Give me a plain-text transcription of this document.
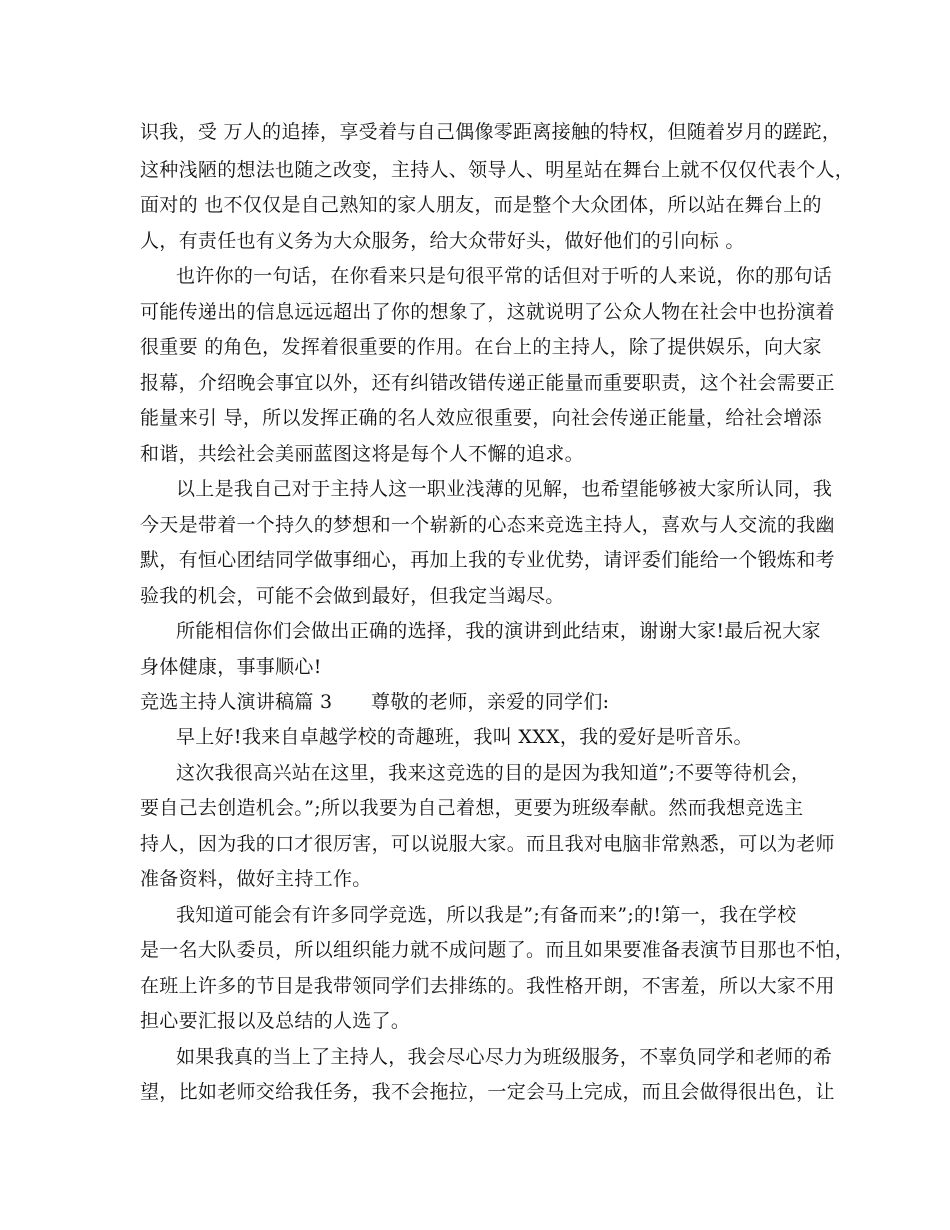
识我，受 万人的追捧，享受着与自己偶像零距离接触的特权，但随着岁月的蹉跎，
这种浅陋的想法也随之改变，主持人、领导人、明星站在舞台上就不仅仅代表个人，
面对的 也不仅仅是自己熟知的家人朋友，而是整个大众团体，所以站在舞台上的
人，有责任也有义务为大众服务，给大众带好头，做好他们的引向标 。
也许你的一句话，在你看来只是句很平常的话但对于听的人来说，你的那句话
可能传递出的信息远远超出了你的想象了，这就说明了公众人物在社会中也扮演着
很重要 的角色，发挥着很重要的作用。在台上的主持人，除了提供娱乐，向大家
报幕，介绍晚会事宜以外，还有纠错改错传递正能量而重要职责，这个社会需要正
能量来引 导，所以发挥正确的名人效应很重要，向社会传递正能量，给社会增添
和谐，共绘社会美丽蓝图这将是每个人不懈的追求。
以上是我自己对于主持人这一职业浅薄的见解，也希望能够被大家所认同，我
今天是带着一个持久的梦想和一个崭新的心态来竞选主持人，喜欢与人交流的我幽
默，有恒心团结同学做事细心，再加上我的专业优势，请评委们能给一个锻炼和考
验我的机会，可能不会做到最好，但我定当竭尽。
所能相信你们会做出正确的选择，我的演讲到此结束，谢谢大家!最后祝大家
身体健康，事事顺心!
竞选主持人演讲稿篇 3　　尊敬的老师，亲爱的同学们:
早上好!我来自卓越学校的奇趣班，我叫 XXX，我的爱好是听音乐。
这次我很高兴站在这里，我来这竞选的目的是因为我知道”;不要等待机会，
要自己去创造机会。”;所以我要为自己着想，更要为班级奉献。然而我想竞选主
持人，因为我的口才很厉害，可以说服大家。而且我对电脑非常熟悉，可以为老师
准备资料，做好主持工作。
我知道可能会有许多同学竞选，所以我是”;有备而来”;的!第一，我在学校
是一名大队委员，所以组织能力就不成问题了。而且如果要准备表演节目那也不怕，
在班上许多的节目是我带领同学们去排练的。我性格开朗，不害羞，所以大家不用
担心要汇报以及总结的人选了。
如果我真的当上了主持人，我会尽心尽力为班级服务，不辜负同学和老师的希
望，比如老师交给我任务，我不会拖拉，一定会马上完成，而且会做得很出色，让
